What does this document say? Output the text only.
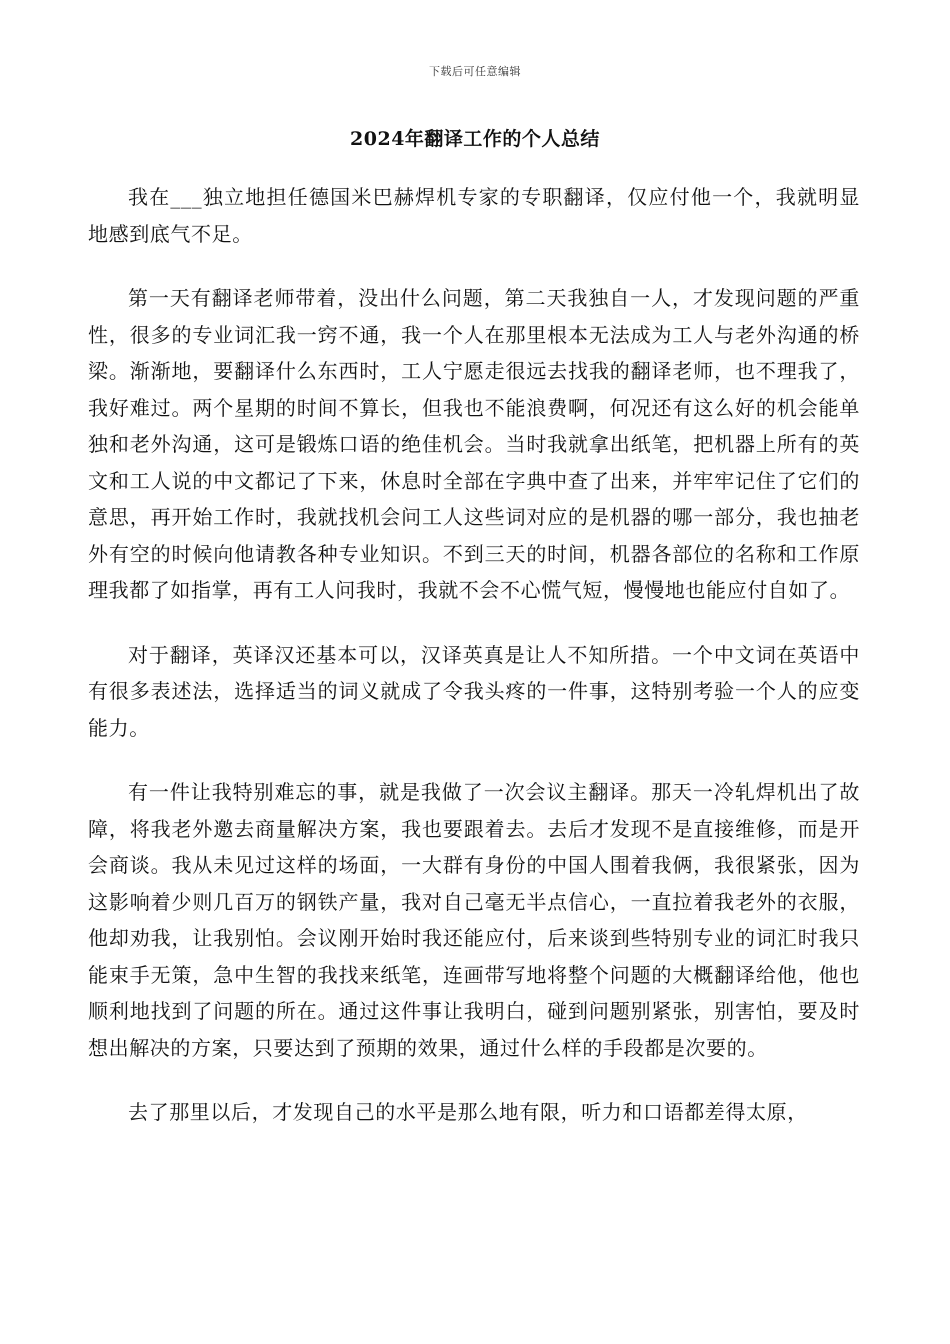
下载后可任意编辑
2024年翻译工作的个人总结

我在___独立地担任德国米巴赫焊机专家的专职翻译，仅应付他一个，我就明显地感到底气不足。

第一天有翻译老师带着，没出什么问题，第二天我独自一人，才发现问题的严重性，很多的专业词汇我一窍不通，我一个人在那里根本无法成为工人与老外沟通的桥梁。渐渐地，要翻译什么东西时，工人宁愿走很远去找我的翻译老师，也不理我了，我好难过。两个星期的时间不算长，但我也不能浪费啊，何况还有这么好的机会能单独和老外沟通，这可是锻炼口语的绝佳机会。当时我就拿出纸笔，把机器上所有的英文和工人说的中文都记了下来，休息时全部在字典中查了出来，并牢牢记住了它们的意思，再开始工作时，我就找机会问工人这些词对应的是机器的哪一部分，我也抽老外有空的时候向他请教各种专业知识。不到三天的时间，机器各部位的名称和工作原理我都了如指掌，再有工人问我时，我就不会不心慌气短，慢慢地也能应付自如了。

对于翻译，英译汉还基本可以，汉译英真是让人不知所措。一个中文词在英语中有很多表述法，选择适当的词义就成了令我头疼的一件事，这特别考验一个人的应变能力。

有一件让我特别难忘的事，就是我做了一次会议主翻译。那天一冷轧焊机出了故障，将我老外邀去商量解决方案，我也要跟着去。去后才发现不是直接维修，而是开会商谈。我从未见过这样的场面，一大群有身份的中国人围着我俩，我很紧张，因为这影响着少则几百万的钢铁产量，我对自己毫无半点信心，一直拉着我老外的衣服，他却劝我，让我别怕。会议刚开始时我还能应付，后来谈到些特别专业的词汇时我只能束手无策，急中生智的我找来纸笔，连画带写地将整个问题的大概翻译给他，他也顺利地找到了问题的所在。通过这件事让我明白，碰到问题别紧张，别害怕，要及时想出解决的方案，只要达到了预期的效果，通过什么样的手段都是次要的。

去了那里以后，才发现自己的水平是那么地有限，听力和口语都差得太原，
